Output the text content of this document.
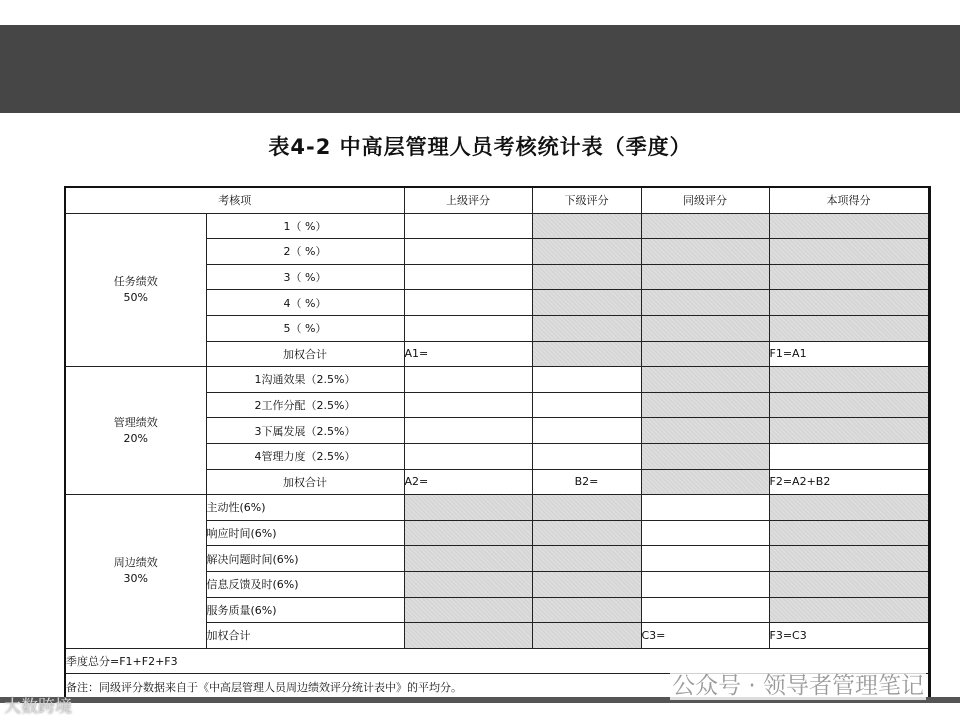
表4-2 中高层管理人员考核统计表（季度）
考核项		上级评分	下级评分	同级评分	本项得分

任务绩效
50%	1（ %）				
	2（ %）				
	3（ %）				
	4（ %）				
	5（ %）				
	加权合计	A1=			F1=A1

管理绩效
20%	1沟通效果（2.5%）				
	2工作分配（2.5%）				
	3下属发展（2.5%）				
	4管理力度（2.5%）				
	加权合计	A2=	B2=		F2=A2+B2

周边绩效
30%	主动性(6%)				
	响应时间(6%)				
	解决问题时间(6%)				
	信息反馈及时(6%)				
	服务质量(6%)				
	加权合计			C3=	F3=C3
季度总分=F1+F2+F3					
备注：同级评分数据来自于《中高层管理人员周边绩效评分统计表中》的平均分。						公众号 · 领导者管理笔记
大数跨境
